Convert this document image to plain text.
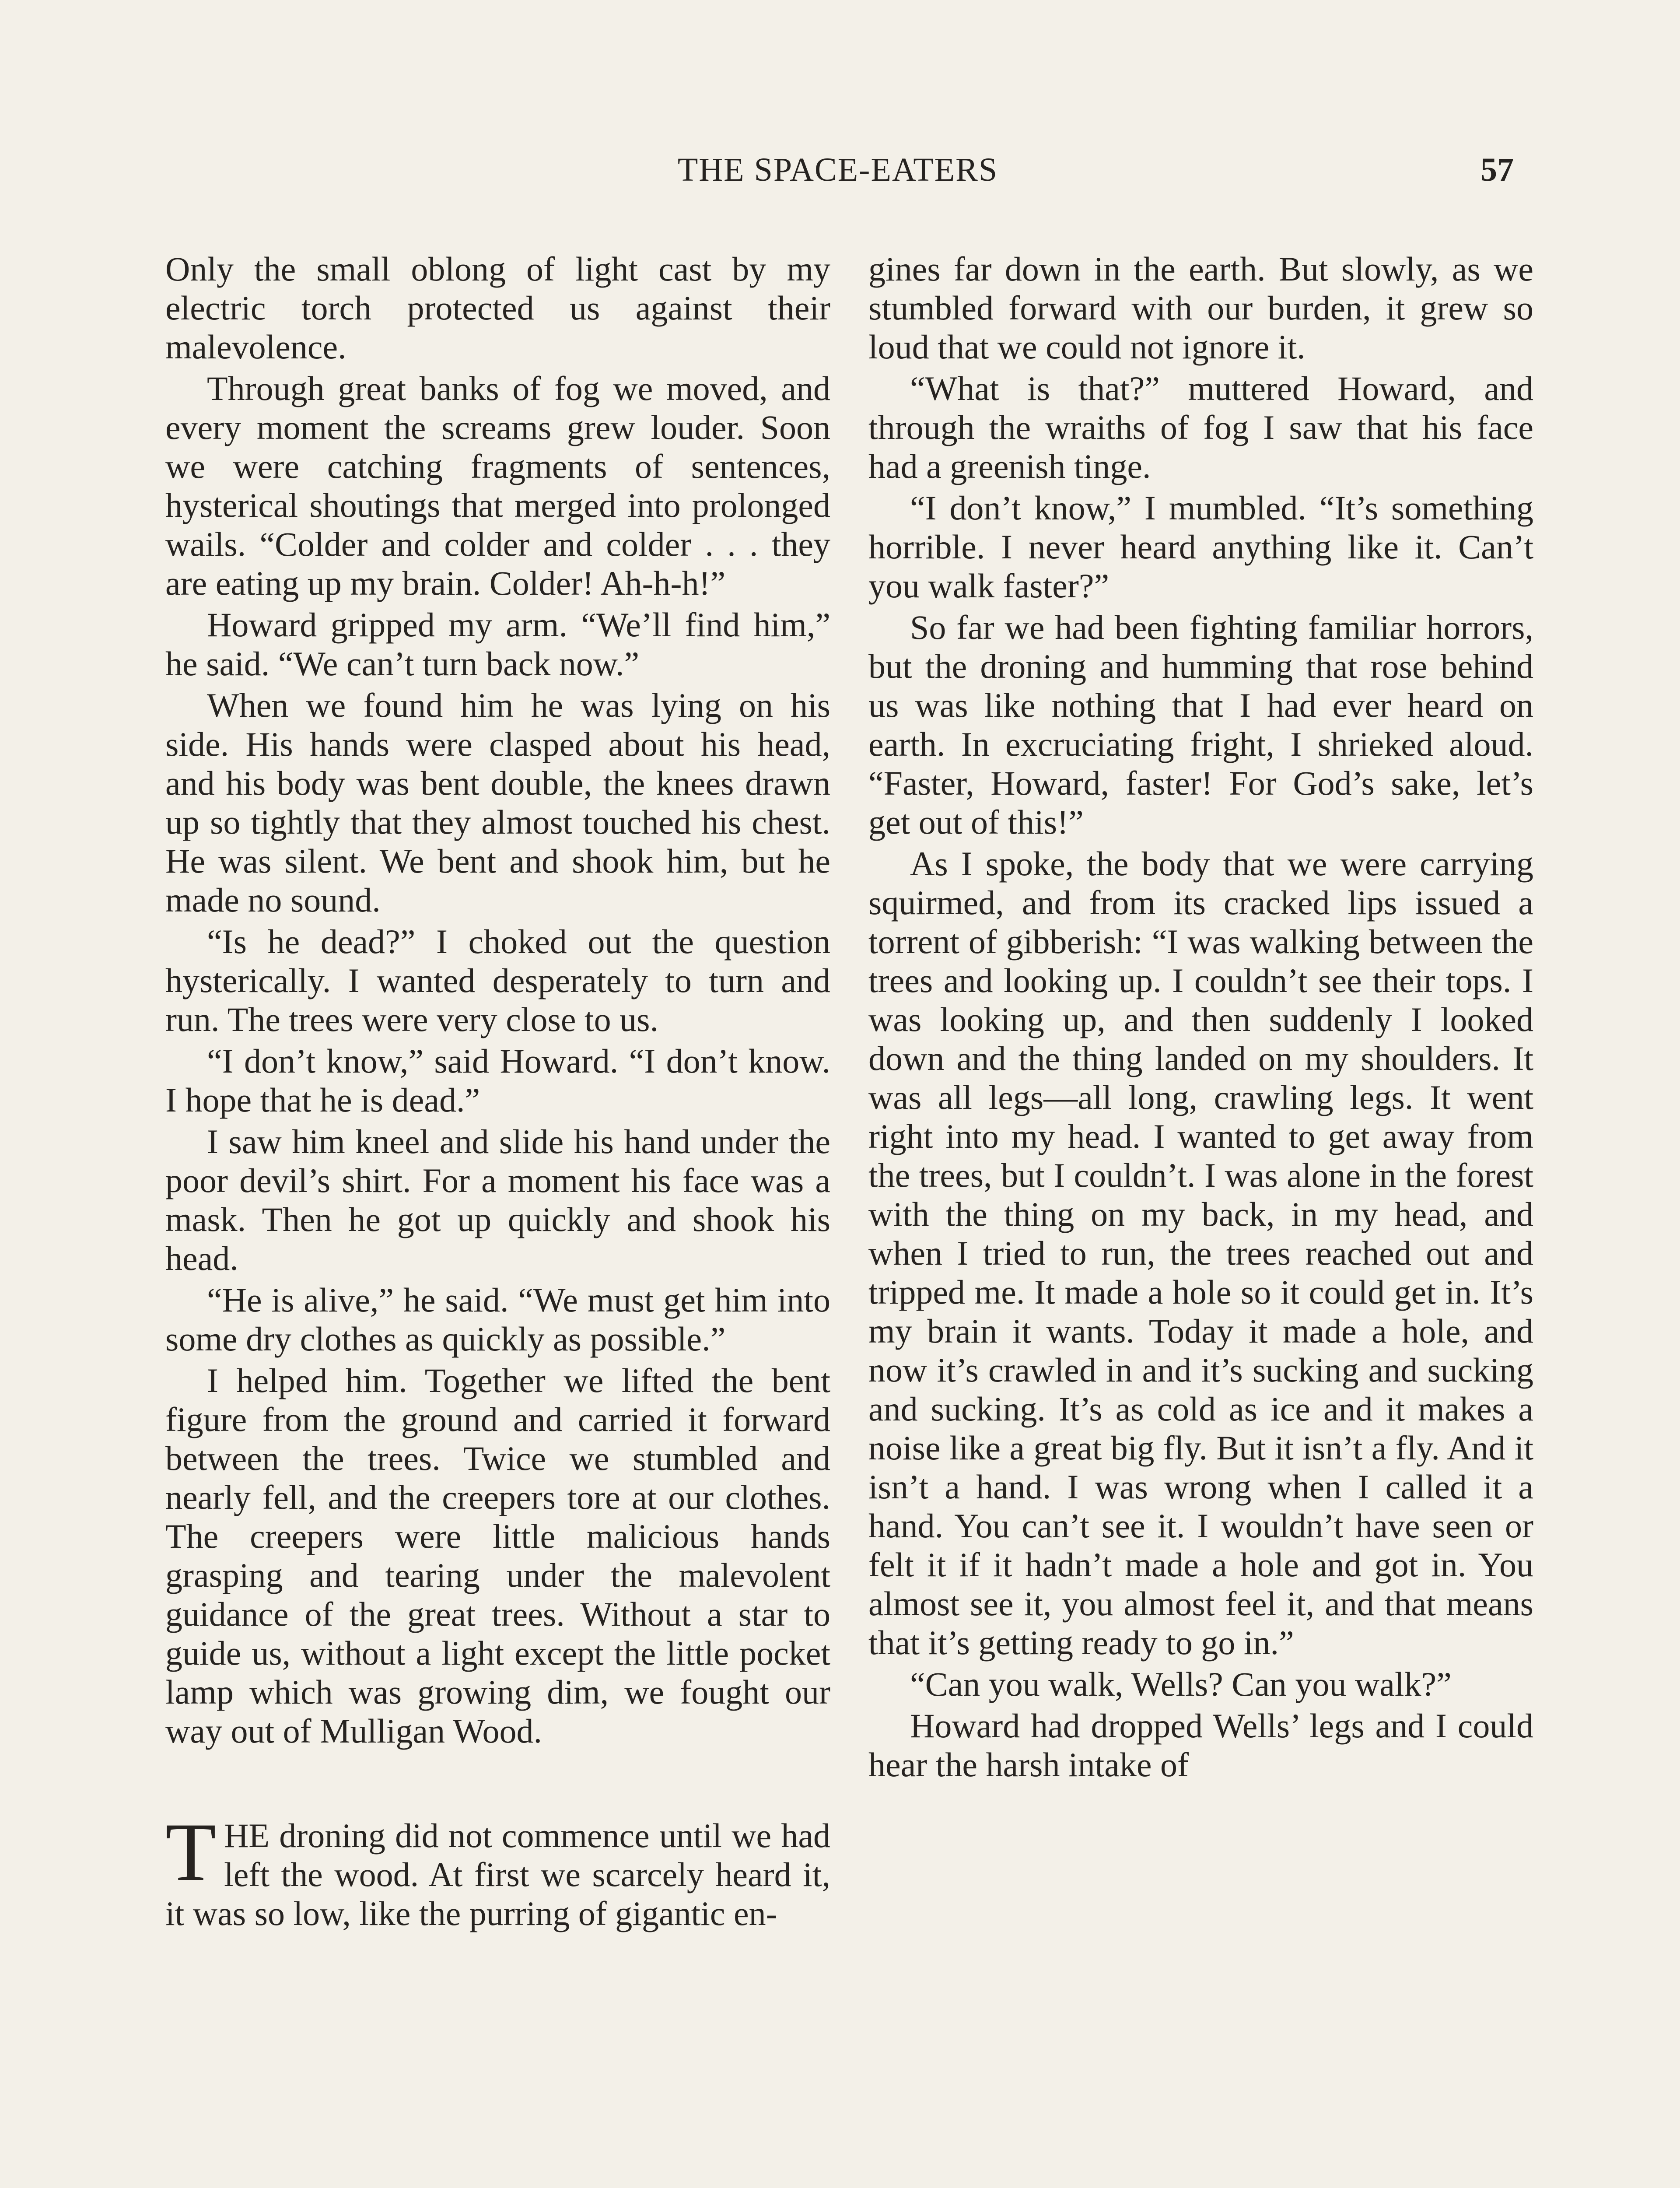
THE SPACE-EATERS	57

Only the small oblong of light cast by my electric torch protected us against their malevolence.

Through great banks of fog we moved, and every moment the screams grew louder. Soon we were catching fragments of sentences, hysterical shoutings that merged into prolonged wails. “Colder and colder and colder . . . they are eating up my brain. Colder! Ah-h-h!”

Howard gripped my arm. “We’ll find him,” he said. “We can’t turn back now.”

When we found him he was lying on his side. His hands were clasped about his head, and his body was bent double, the knees drawn up so tightly that they almost touched his chest. He was silent. We bent and shook him, but he made no sound.

“Is he dead?” I choked out the question hysterically. I wanted desperately to turn and run. The trees were very close to us.

“I don’t know,” said Howard. “I don’t know. I hope that he is dead.”

I saw him kneel and slide his hand under the poor devil’s shirt. For a moment his face was a mask. Then he got up quickly and shook his head.

“He is alive,” he said. “We must get him into some dry clothes as quickly as possible.”

I helped him. Together we lifted the bent figure from the ground and carried it forward between the trees. Twice we stumbled and nearly fell, and the creepers tore at our clothes. The creepers were little malicious hands grasping and tearing under the malevolent guidance of the great trees. Without a star to guide us, without a light except the little pocket lamp which was growing dim, we fought our way out of Mulligan Wood.

THE droning did not commence until we had left the wood. At first we scarcely heard it, it was so low, like the purring of gigantic en-

gines far down in the earth. But slowly, as we stumbled forward with our burden, it grew so loud that we could not ignore it.

“What is that?” muttered Howard, and through the wraiths of fog I saw that his face had a greenish tinge.

“I don’t know,” I mumbled. “It’s something horrible. I never heard anything like it. Can’t you walk faster?”

So far we had been fighting familiar horrors, but the droning and humming that rose behind us was like nothing that I had ever heard on earth. In excruciating fright, I shrieked aloud. “Faster, Howard, faster! For God’s sake, let’s get out of this!”

As I spoke, the body that we were carrying squirmed, and from its cracked lips issued a torrent of gibberish: “I was walking between the trees and looking up. I couldn’t see their tops. I was looking up, and then suddenly I looked down and the thing landed on my shoulders. It was all legs—all long, crawling legs. It went right into my head. I wanted to get away from the trees, but I couldn’t. I was alone in the forest with the thing on my back, in my head, and when I tried to run, the trees reached out and tripped me. It made a hole so it could get in. It’s my brain it wants. Today it made a hole, and now it’s crawled in and it’s sucking and sucking and sucking. It’s as cold as ice and it makes a noise like a great big fly. But it isn’t a fly. And it isn’t a hand. I was wrong when I called it a hand. You can’t see it. I wouldn’t have seen or felt it if it hadn’t made a hole and got in. You almost see it, you almost feel it, and that means that it’s getting ready to go in.”

“Can you walk, Wells? Can you walk?”

Howard had dropped Wells’ legs and I could hear the harsh intake of
